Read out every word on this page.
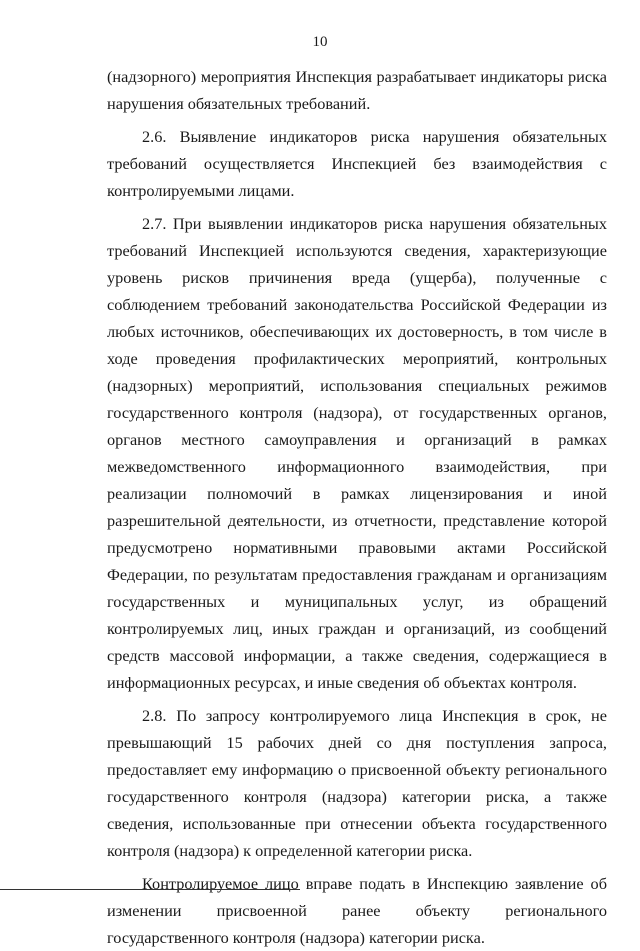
10

(надзорного) мероприятия Инспекция разрабатывает индикаторы риска нарушения обязательных требований.

2.6. Выявление индикаторов риска нарушения обязательных требований осуществляется Инспекцией без взаимодействия с контролируемыми лицами.

2.7. При выявлении индикаторов риска нарушения обязательных требований Инспекцией используются сведения, характеризующие уровень рисков причинения вреда (ущерба), полученные с соблюдением требований законодательства Российской Федерации из любых источников, обеспечивающих их достоверность, в том числе в ходе проведения профилактических мероприятий, контрольных (надзорных) мероприятий, использования специальных режимов государственного контроля (надзора), от государственных органов, органов местного самоуправления и организаций в рамках межведомственного информационного взаимодействия, при реализации полномочий в рамках лицензирования и иной разрешительной деятельности, из отчетности, представление которой предусмотрено нормативными правовыми актами Российской Федерации, по результатам предоставления гражданам и организациям государственных и муниципальных услуг, из обращений контролируемых лиц, иных граждан и организаций, из сообщений средств массовой информации, а также сведения, содержащиеся в информационных ресурсах, и иные сведения об объектах контроля.

2.8. По запросу контролируемого лица Инспекция в срок, не превышающий 15 рабочих дней со дня поступления запроса, предоставляет ему информацию о присвоенной объекту регионального государственного контроля (надзора) категории риска, а также сведения, использованные при отнесении объекта государственного контроля (надзора) к определенной категории риска.

Контролируемое лицо вправе подать в Инспекцию заявление об изменении присвоенной ранее объекту регионального государственного контроля (надзора) категории риска.
